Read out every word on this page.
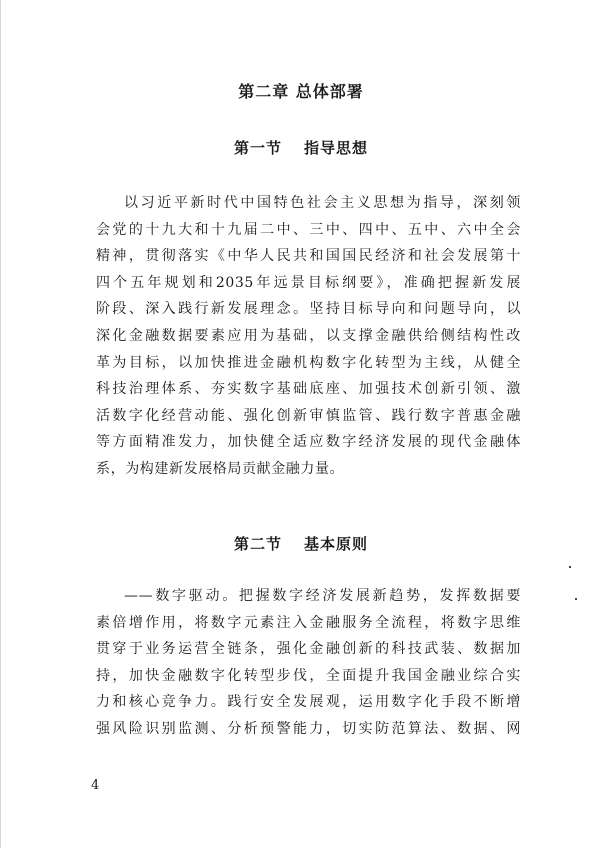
第二章 总体部署
第一节 指导思想
以习近平新时代中国特色社会主义思想为指导，深刻领
会党的十九大和十九届二中、三中、四中、五中、六中全会
精神，贯彻落实《中华人民共和国国民经济和社会发展第十
四个五年规划和2035年远景目标纲要》，准确把握新发展
阶段、深入践行新发展理念。坚持目标导向和问题导向，以
深化金融数据要素应用为基础，以支撑金融供给侧结构性改
革为目标，以加快推进金融机构数字化转型为主线，从健全
科技治理体系、夯实数字基础底座、加强技术创新引领、激
活数字化经营动能、强化创新审慎监管、践行数字普惠金融
等方面精准发力，加快健全适应数字经济发展的现代金融体
系，为构建新发展格局贡献金融力量。
第二节 基本原则
——数字驱动。把握数字经济发展新趋势，发挥数据要
素倍增作用，将数字元素注入金融服务全流程，将数字思维
贯穿于业务运营全链条，强化金融创新的科技武装、数据加
持，加快金融数字化转型步伐，全面提升我国金融业综合实
力和核心竞争力。践行安全发展观，运用数字化手段不断增
强风险识别监测、分析预警能力，切实防范算法、数据、网
4
